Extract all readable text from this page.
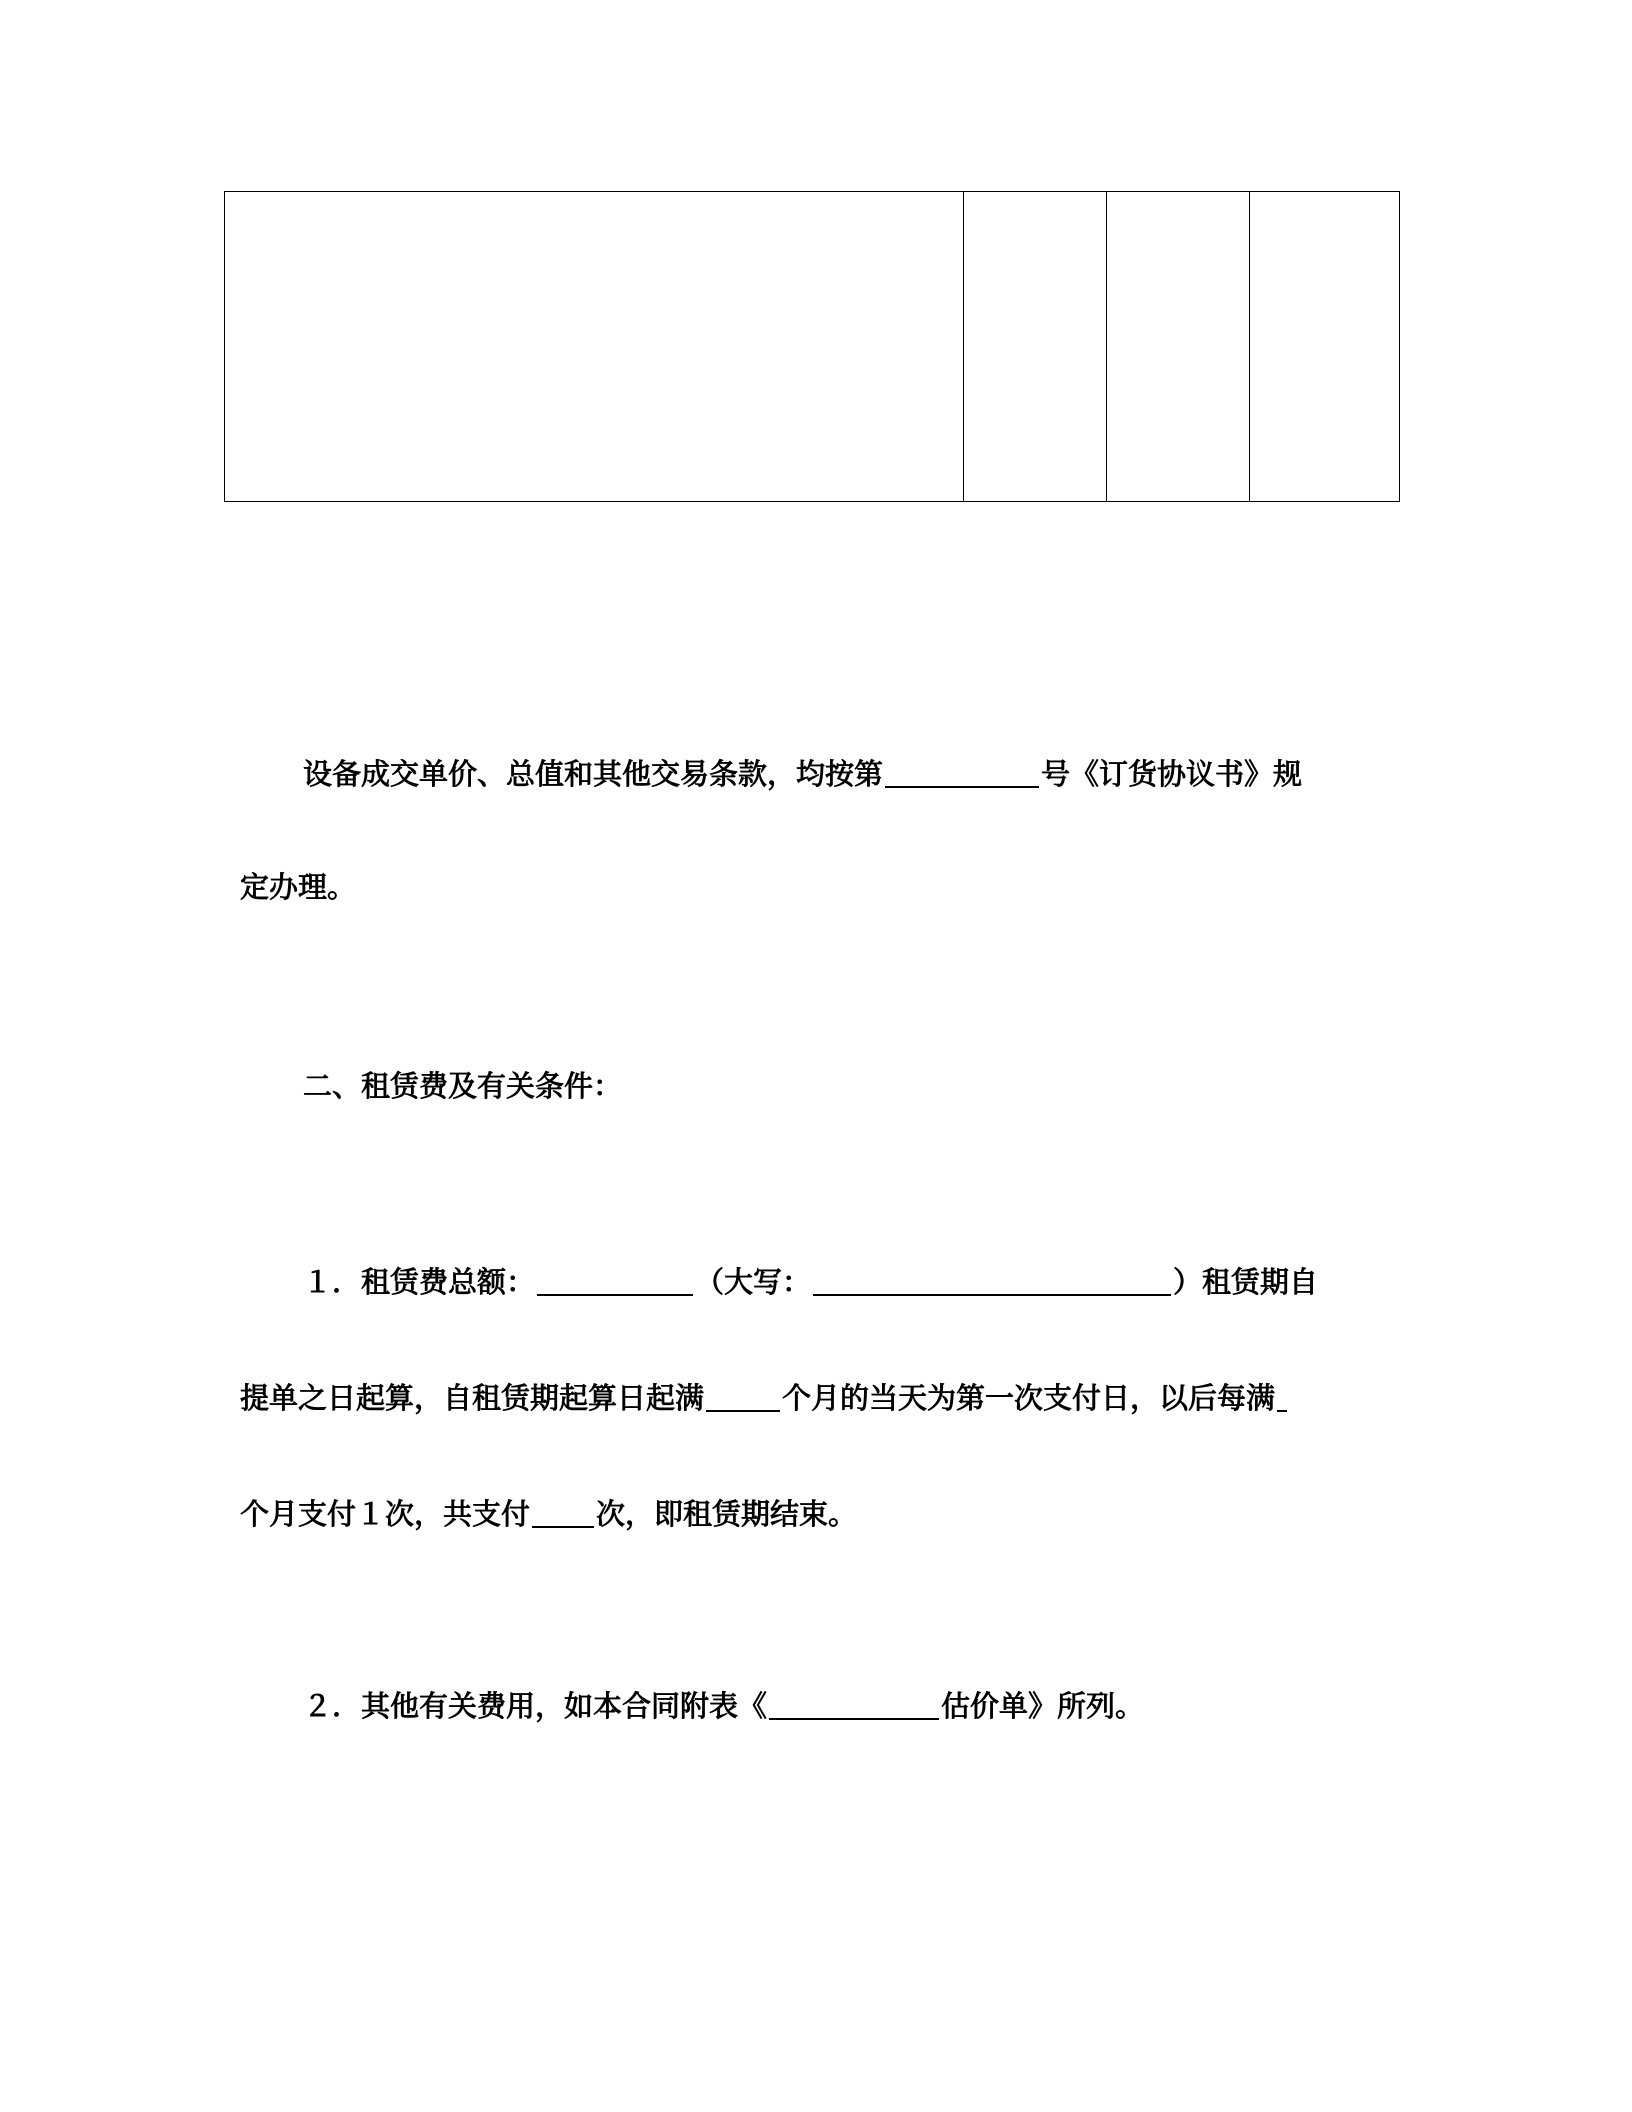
设备成交单价、总值和其他交易条款，均按第	号《订货协议书》规
定办理。
二、租赁费及有关条件：
１．租赁费总额：	（大写：	）租赁期自
提单之日起算，自租赁期起算日起满	个月的当天为第一次支付日，以后每满
个月支付１次，共支付 次，即租赁期结束。
２．其他有关费用，如本合同附表《	估价单》所列。
